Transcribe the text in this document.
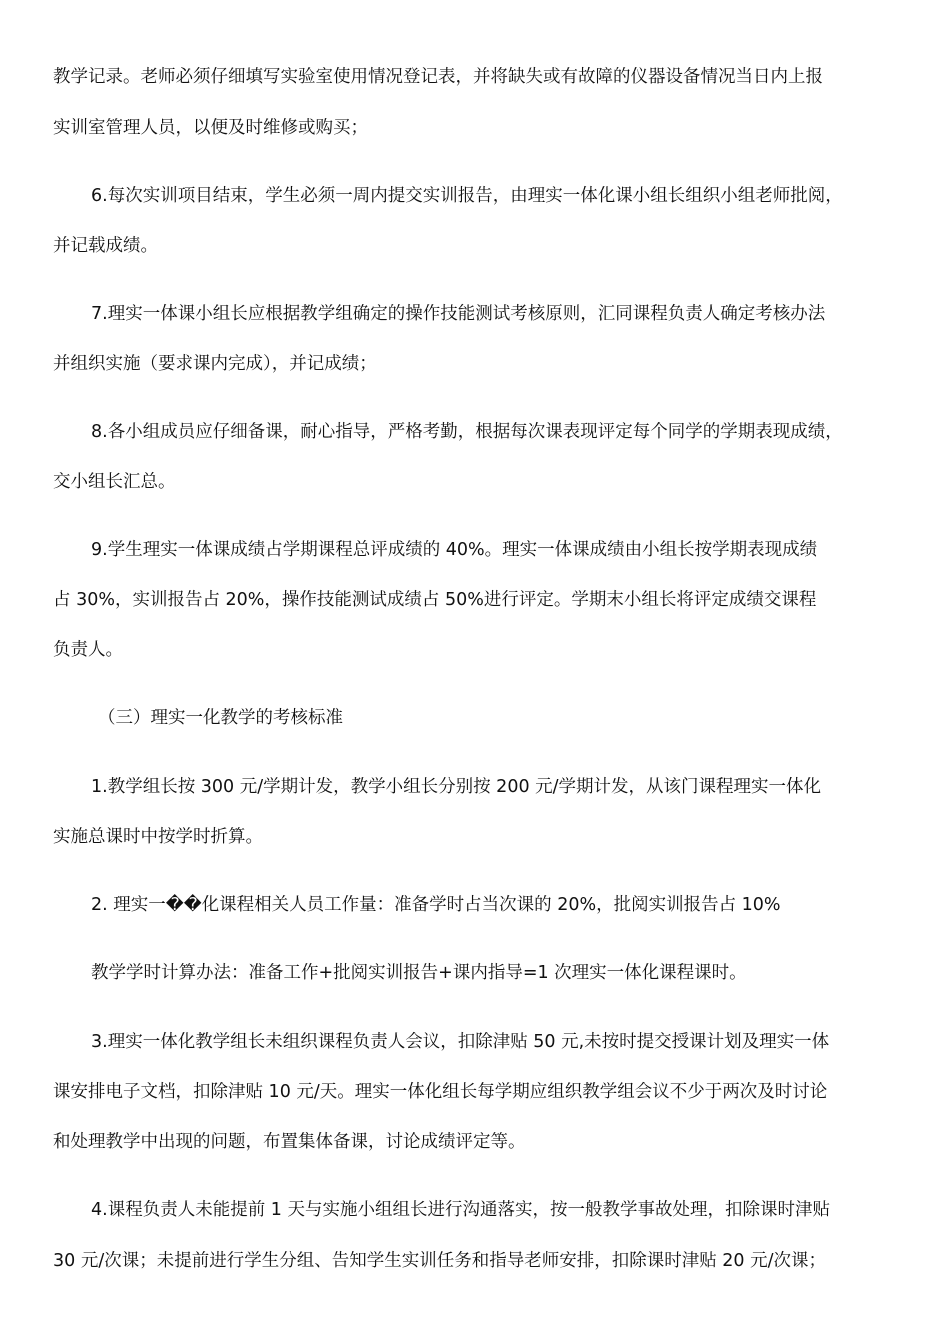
教学记录。老师必须仔细填写实验室使用情况登记表，并将缺失或有故障的仪器设备情况当日内上报
实训室管理人员，以便及时维修或购买；
6.每次实训项目结束，学生必须一周内提交实训报告，由理实一体化课小组长组织小组老师批阅，
并记载成绩。
7.理实一体课小组长应根据教学组确定的操作技能测试考核原则，汇同课程负责人确定考核办法
并组织实施（要求课内完成），并记成绩；
8.各小组成员应仔细备课，耐心指导，严格考勤，根据每次课表现评定每个同学的学期表现成绩，
交小组长汇总。
9.学生理实一体课成绩占学期课程总评成绩的 40%。理实一体课成绩由小组长按学期表现成绩
占 30%，实训报告占 20%，操作技能测试成绩占 50%进行评定。学期末小组长将评定成绩交课程
负责人。
（三）理实一化教学的考核标准
1.教学组长按 300 元/学期计发，教学小组长分别按 200 元/学期计发，从该门课程理实一体化
实施总课时中按学时折算。
2. 理实一��化课程相关人员工作量：准备学时占当次课的 20%，批阅实训报告占 10%
教学学时计算办法：准备工作+批阅实训报告+课内指导=1 次理实一体化课程课时。
3.理实一体化教学组长未组织课程负责人会议，扣除津贴 50 元,未按时提交授课计划及理实一体
课安排电子文档，扣除津贴 10 元/天。理实一体化组长每学期应组织教学组会议不少于两次及时讨论
和处理教学中出现的问题，布置集体备课，讨论成绩评定等。
4.课程负责人未能提前 1 天与实施小组组长进行沟通落实，按一般教学事故处理，扣除课时津贴
30 元/次课；未提前进行学生分组、告知学生实训任务和指导老师安排，扣除课时津贴 20 元/次课；
